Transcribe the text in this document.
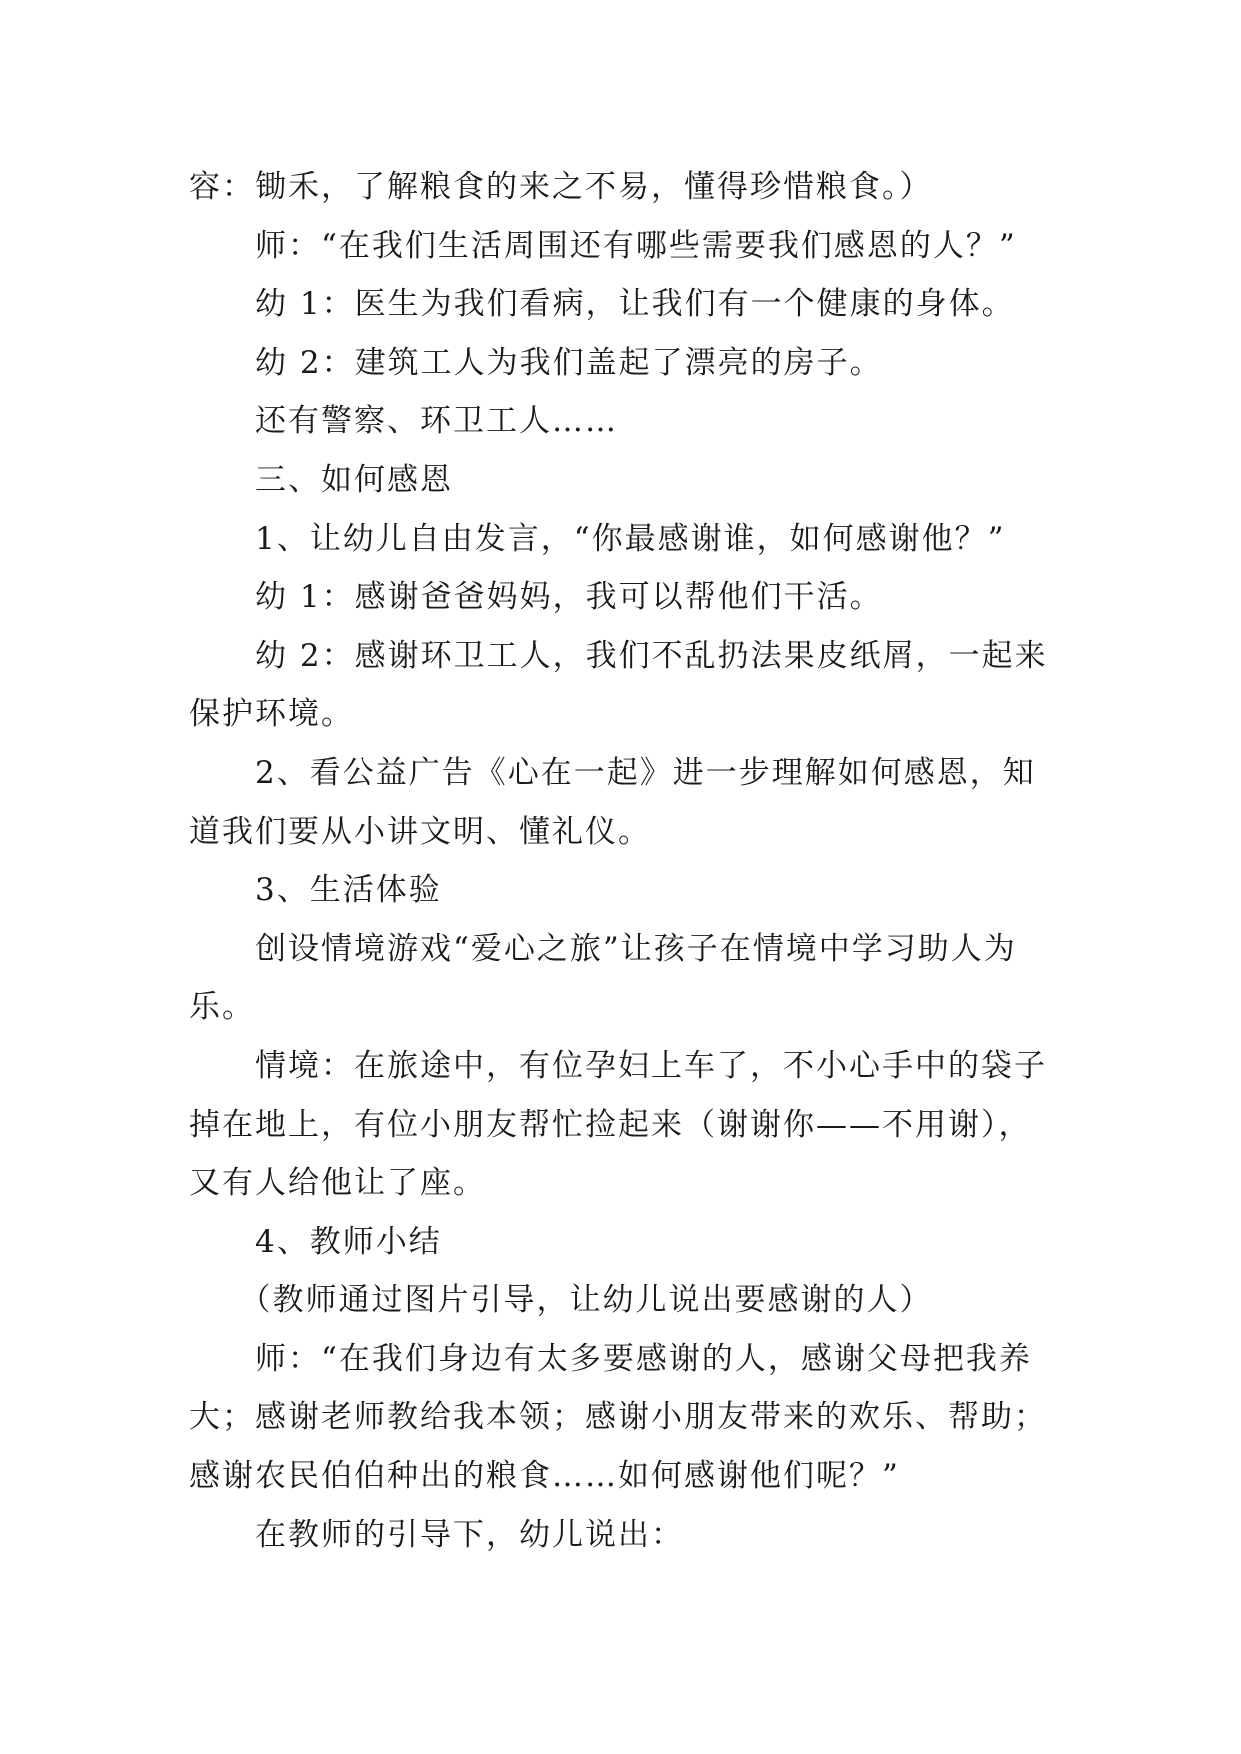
容：锄禾，了解粮食的来之不易，懂得珍惜粮食。）

　　师：“在我们生活周围还有哪些需要我们感恩的人？”

　　幼 1：医生为我们看病，让我们有一个健康的身体。

　　幼 2：建筑工人为我们盖起了漂亮的房子。

　　还有警察、环卫工人……

　　三、如何感恩

　　1、让幼儿自由发言，“你最感谢谁，如何感谢他？”

　　幼 1：感谢爸爸妈妈，我可以帮他们干活。

　　幼 2：感谢环卫工人，我们不乱扔法果皮纸屑，一起来

保护环境。

　　2、看公益广告《心在一起》进一步理解如何感恩，知

道我们要从小讲文明、懂礼仪。

　　3、生活体验

　　创设情境游戏“爱心之旅”让孩子在情境中学习助人为

乐。

　　情境：在旅途中，有位孕妇上车了，不小心手中的袋子

掉在地上，有位小朋友帮忙捡起来（谢谢你——不用谢），

又有人给他让了座。

　　4、教师小结

　　（教师通过图片引导，让幼儿说出要感谢的人）

　　师：“在我们身边有太多要感谢的人，感谢父母把我养

大；感谢老师教给我本领；感谢小朋友带来的欢乐、帮助；

感谢农民伯伯种出的粮食……如何感谢他们呢？”

　　在教师的引导下，幼儿说出：
